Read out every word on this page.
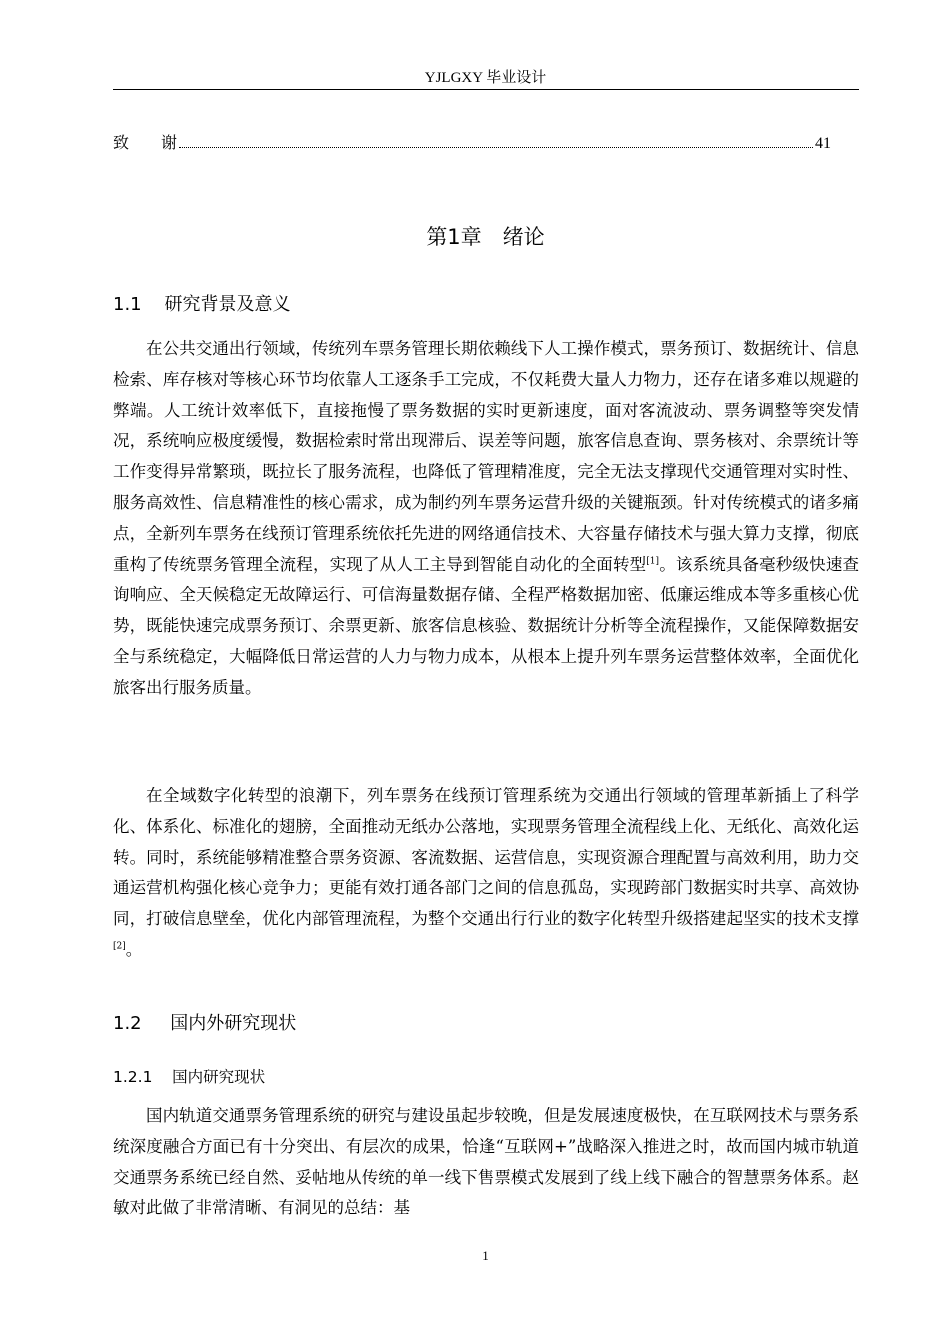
YJLGXY 毕业设计
致　　谢	41
第1章　绪论
1.1 研究背景及意义
在公共交通出行领域，传统列车票务管理长期依赖线下人工操作模式，票务预订、数据统计、信息检索、库存核对等核心环节均依靠人工逐条手工完成，不仅耗费大量人力物力，还存在诸多难以规避的弊端。人工统计效率低下，直接拖慢了票务数据的实时更新速度，面对客流波动、票务调整等突发情况，系统响应极度缓慢，数据检索时常出现滞后、误差等问题，旅客信息查询、票务核对、余票统计等工作变得异常繁琐，既拉长了服务流程，也降低了管理精准度，完全无法支撑现代交通管理对实时性、服务高效性、信息精准性的核心需求，成为制约列车票务运营升级的关键瓶颈。针对传统模式的诸多痛点，全新列车票务在线预订管理系统依托先进的网络通信技术、大容量存储技术与强大算力支撑，彻底重构了传统票务管理全流程，实现了从人工主导到智能自动化的全面转型[1]。该系统具备毫秒级快速查询响应、全天候稳定无故障运行、可信海量数据存储、全程严格数据加密、低廉运维成本等多重核心优势，既能快速完成票务预订、余票更新、旅客信息核验、数据统计分析等全流程操作，又能保障数据安全与系统稳定，大幅降低日常运营的人力与物力成本，从根本上提升列车票务运营整体效率，全面优化旅客出行服务质量。
在全域数字化转型的浪潮下，列车票务在线预订管理系统为交通出行领域的管理革新插上了科学化、体系化、标准化的翅膀，全面推动无纸办公落地，实现票务管理全流程线上化、无纸化、高效化运转。同时，系统能够精准整合票务资源、客流数据、运营信息，实现资源合理配置与高效利用，助力交通运营机构强化核心竞争力；更能有效打通各部门之间的信息孤岛，实现跨部门数据实时共享、高效协同，打破信息壁垒，优化内部管理流程，为整个交通出行行业的数字化转型升级搭建起坚实的技术支撑[2]。
1.2 国内外研究现状
1.2.1 国内研究现状
国内轨道交通票务管理系统的研究与建设虽起步较晚，但是发展速度极快，在互联网技术与票务系统深度融合方面已有十分突出、有层次的成果，恰逢“互联网+”战略深入推进之时，故而国内城市轨道交通票务系统已经自然、妥帖地从传统的单一线下售票模式发展到了线上线下融合的智慧票务体系。赵敏对此做了非常清晰、有洞见的总结：基
1
